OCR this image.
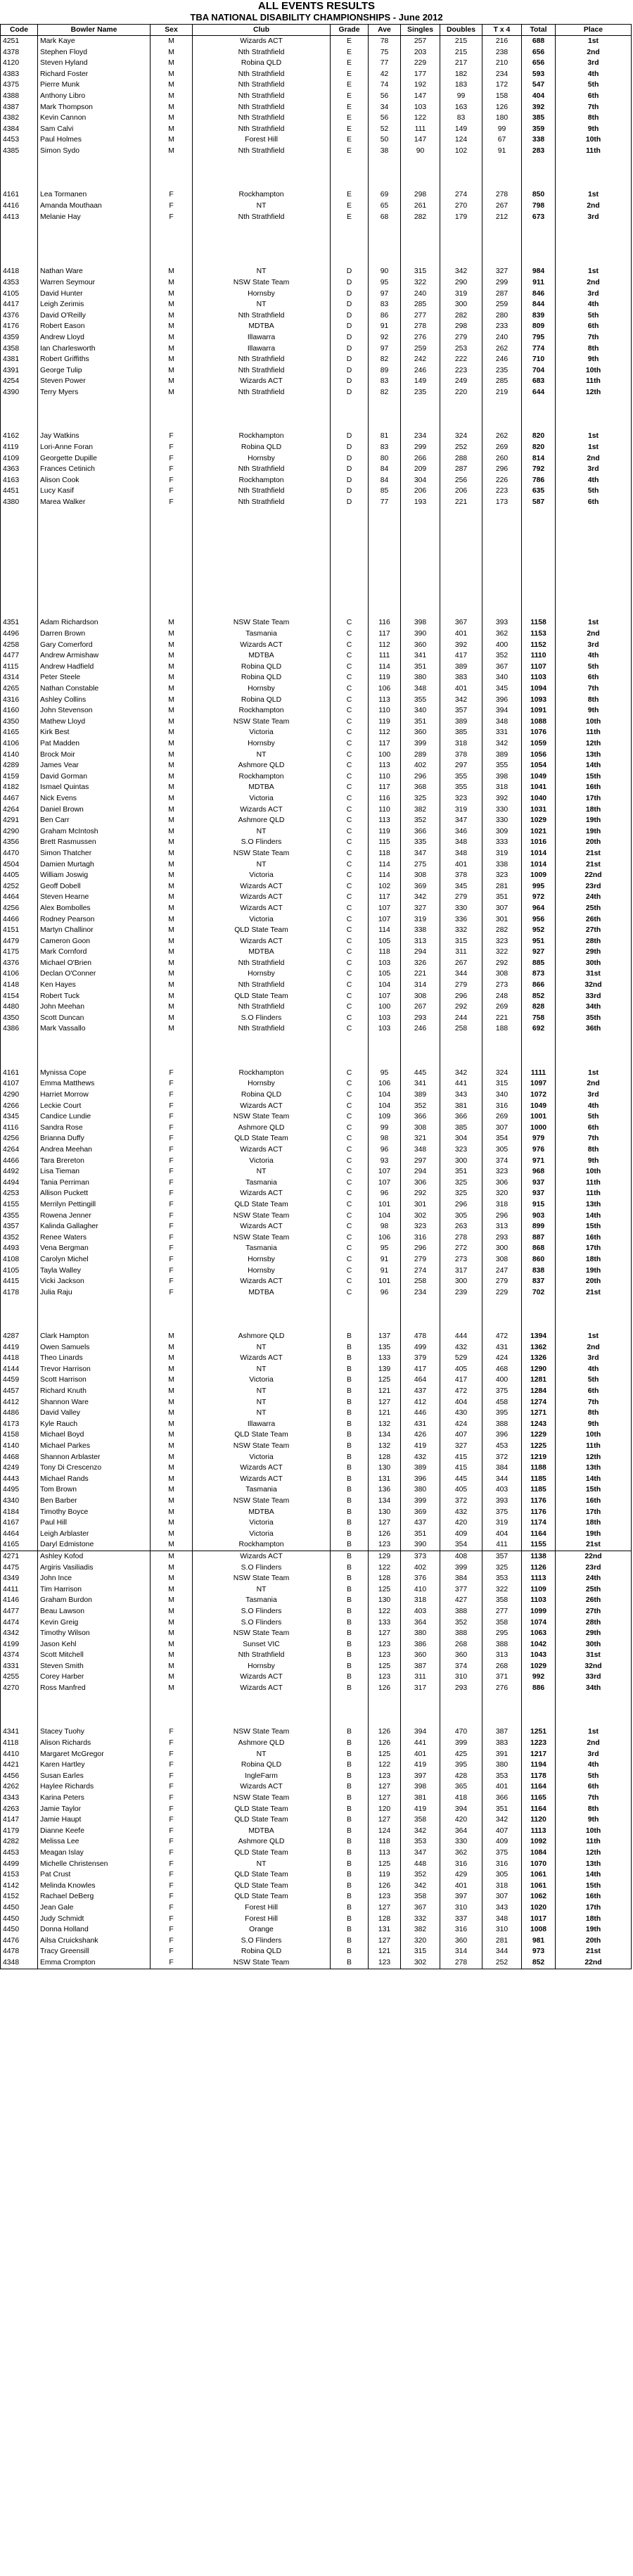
ALL EVENTS RESULTS
TBA NATIONAL DISABILITY CHAMPIONSHIPS - June 2012
Code	Bowler Name	Sex	Club	Grade	Ave	Singles	Doubles	T x 4	Total	Place
4251	Mark Kaye	M	Wizards ACT	E	78	257	215	216	688	1st
4378	Stephen Floyd	M	Nth Strathfield	E	75	203	215	238	656	2nd
4120	Steven Hyland	M	Robina QLD	E	77	229	217	210	656	3rd
4383	Richard Foster	M	Nth Strathfield	E	42	177	182	234	593	4th
4375	Pierre Munk	M	Nth Strathfield	E	74	192	183	172	547	5th
4388	Anthony Libro	M	Nth Strathfield	E	56	147	99	158	404	6th
4387	Mark Thompson	M	Nth Strathfield	E	34	103	163	126	392	7th
4382	Kevin Cannon	M	Nth Strathfield	E	56	122	83	180	385	8th
4384	Sam Calvi	M	Nth Strathfield	E	52	111	149	99	359	9th
4453	Paul Holmes	M	Forest Hill	E	50	147	124	67	338	10th
4385	Simon Sydo	M	Nth Strathfield	E	38	90	102	91	283	11th

4161	Lea Tormanen	F	Rockhampton	E	69	298	274	278	850	1st
4416	Amanda Mouthaan	F	NT	E	65	261	270	267	798	2nd
4413	Melanie Hay	F	Nth Strathfield	E	68	282	179	212	673	3rd

4418	Nathan Ware	M	NT	D	90	315	342	327	984	1st
4353	Warren Seymour	M	NSW State Team	D	95	322	290	299	911	2nd
4105	David Hunter	M	Hornsby	D	97	240	319	287	846	3rd
4417	Leigh Zerimis	M	NT	D	83	285	300	259	844	4th
4376	David O'Reilly	M	Nth Strathfield	D	86	277	282	280	839	5th
4176	Robert Eason	M	MDTBA	D	91	278	298	233	809	6th
4359	Andrew Lloyd	M	Illawarra	D	92	276	279	240	795	7th
4358	Ian Charlesworth	M	Illawarra	D	97	259	253	262	774	8th
4381	Robert Griffiths	M	Nth Strathfield	D	82	242	222	246	710	9th
4391	George Tulip	M	Nth Strathfield	D	89	246	223	235	704	10th
4254	Steven Power	M	Wizards ACT	D	83	149	249	285	683	11th
4390	Terry Myers	M	Nth Strathfield	D	82	235	220	219	644	12th

4162	Jay Watkins	F	Rockhampton	D	81	234	324	262	820	1st
4119	Lori-Anne Foran	F	Robina QLD	D	83	299	252	269	820	1st
4109	Georgette Dupille	F	Hornsby	D	80	266	288	260	814	2nd
4363	Frances Cetinich	F	Nth Strathfield	D	84	209	287	296	792	3rd
4163	Alison Cook	F	Rockhampton	D	84	304	256	226	786	4th
4451	Lucy Kasif	F	Nth Strathfield	D	85	206	206	223	635	5th
4380	Marea Walker	F	Nth Strathfield	D	77	193	221	173	587	6th

4351	Adam Richardson	M	NSW State Team	C	116	398	367	393	1158	1st
4496	Darren Brown	M	Tasmania	C	117	390	401	362	1153	2nd
4258	Gary Comerford	M	Wizards ACT	C	112	360	392	400	1152	3rd
4477	Andrew Armishaw	M	MDTBA	C	111	341	417	352	1110	4th
4115	Andrew Hadfield	M	Robina QLD	C	114	351	389	367	1107	5th
4314	Peter Steele	M	Robina QLD	C	119	380	383	340	1103	6th
4265	Nathan Constable	M	Hornsby	C	106	348	401	345	1094	7th
4316	Ashley Collins	M	Robina QLD	C	113	355	342	396	1093	8th
4160	John Stevenson	M	Rockhampton	C	110	340	357	394	1091	9th
4350	Mathew Lloyd	M	NSW State Team	C	119	351	389	348	1088	10th
4165	Kirk Best	M	Victoria	C	112	360	385	331	1076	11th
4106	Pat Madden	M	Hornsby	C	117	399	318	342	1059	12th
4140	Brock Moir	M	NT	C	100	289	378	389	1056	13th
4289	James Vear	M	Ashmore QLD	C	113	402	297	355	1054	14th
4159	David Gorman	M	Rockhampton	C	110	296	355	398	1049	15th
4182	Ismael Quintas	M	MDTBA	C	117	368	355	318	1041	16th
4467	Nick Evens	M	Victoria	C	116	325	323	392	1040	17th
4264	Daniel Brown	M	Wizards ACT	C	110	382	319	330	1031	18th
4291	Ben Carr	M	Ashmore QLD	C	113	352	347	330	1029	19th
4290	Graham McIntosh	M	NT	C	119	366	346	309	1021	19th
4356	Brett Rasmussen	M	S.O Flinders	C	115	335	348	333	1016	20th
4470	Simon Thatcher	M	NSW State Team	C	118	347	348	319	1014	21st
4504	Damien Murtagh	M	NT	C	114	275	401	338	1014	21st
4405	William Joswig	M	Victoria	C	114	308	378	323	1009	22nd
4252	Geoff Dobell	M	Wizards ACT	C	102	369	345	281	995	23rd
4464	Steven Hearne	M	Wizards ACT	C	117	342	279	351	972	24th
4256	Alex Bombolles	M	Wizards ACT	C	107	327	330	307	964	25th
4466	Rodney Pearson	M	Victoria	C	107	319	336	301	956	26th
4151	Martyn Challinor	M	QLD State Team	C	114	338	332	282	952	27th
4479	Cameron Goon	M	Wizards ACT	C	105	313	315	323	951	28th
4175	Mark Cornford	M	MDTBA	C	118	294	311	322	927	29th
4376	Michael O'Brien	M	Nth Strathfield	C	103	326	267	292	885	30th
4106	Declan O'Conner	M	Hornsby	C	105	221	344	308	873	31st
4148	Ken Hayes	M	Nth Strathfield	C	104	314	279	273	866	32nd
4154	Robert Tuck	M	QLD State Team	C	107	308	296	248	852	33rd
4480	John Meehan	M	Nth Strathfield	C	100	267	292	269	828	34th
4350	Scott Duncan	M	S.O Flinders	C	103	293	244	221	758	35th
4386	Mark Vassallo	M	Nth Strathfield	C	103	246	258	188	692	36th

4161	Mynissa Cope	F	Rockhampton	C	95	445	342	324	1111	1st
4107	Emma Matthews	F	Hornsby	C	106	341	441	315	1097	2nd
4290	Harriet Morrow	F	Robina QLD	C	104	389	343	340	1072	3rd
4266	Leckie Court	F	Wizards ACT	C	104	352	381	316	1049	4th
4345	Candice Lundie	F	NSW State Team	C	109	366	366	269	1001	5th
4116	Sandra Rose	F	Ashmore QLD	C	99	308	385	307	1000	6th
4256	Brianna Duffy	F	QLD State Team	C	98	321	304	354	979	7th
4264	Andrea Meehan	F	Wizards ACT	C	96	348	323	305	976	8th
4466	Tara Brereton	F	Victoria	C	93	297	300	374	971	9th
4492	Lisa Tieman	F	NT	C	107	294	351	323	968	10th
4494	Tania Perriman	F	Tasmania	C	107	306	325	306	937	11th
4253	Allison Puckett	F	Wizards ACT	C	96	292	325	320	937	11th
4155	Merrilyn Pettingill	F	QLD State Team	C	101	301	296	318	915	13th
4355	Rowena Jenner	F	NSW State Team	C	104	302	305	296	903	14th
4357	Kalinda Gallagher	F	Wizards ACT	C	98	323	263	313	899	15th
4352	Renee Waters	F	NSW State Team	C	106	316	278	293	887	16th
4493	Vena Bergman	F	Tasmania	C	95	296	272	300	868	17th
4108	Carolyn Michel	F	Hornsby	C	91	279	273	308	860	18th
4105	Tayla Walley	F	Hornsby	C	91	274	317	247	838	19th
4415	Vicki Jackson	F	Wizards ACT	C	101	258	300	279	837	20th
4178	Julia Raju	F	MDTBA	C	96	234	239	229	702	21st

4287	Clark Hampton	M	Ashmore QLD	B	137	478	444	472	1394	1st
4419	Owen Samuels	M	NT	B	135	499	432	431	1362	2nd
4418	Theo Linards	M	Wizards ACT	B	133	379	529	424	1326	3rd
4144	Trevor Harrison	M	NT	B	139	417	405	468	1290	4th
4459	Scott Harrison	M	Victoria	B	125	464	417	400	1281	5th
4457	Richard Knuth	M	NT	B	121	437	472	375	1284	6th
4412	Shannon Ware	M	NT	B	127	412	404	458	1274	7th
4486	David Valley	M	NT	B	121	446	430	395	1271	8th
4173	Kyle Rauch	M	Illawarra	B	132	431	424	388	1243	9th
4158	Michael Boyd	M	QLD State Team	B	134	426	407	396	1229	10th
4140	Michael Parkes	M	NSW State Team	B	132	419	327	453	1225	11th
4468	Shannon Arblaster	M	Victoria	B	128	432	415	372	1219	12th
4249	Tony Di Crescenzo	M	Wizards ACT	B	130	389	415	384	1188	13th
4443	Michael Rands	M	Wizards ACT	B	131	396	445	344	1185	14th
4495	Tom Brown	M	Tasmania	B	136	380	405	403	1185	15th
4340	Ben Barber	M	NSW State Team	B	134	399	372	393	1176	16th
4184	Timothy Boyce	M	MDTBA	B	130	369	432	375	1176	17th
4167	Paul Hill	M	Victoria	B	127	437	420	319	1174	18th
4464	Leigh Arblaster	M	Victoria	B	126	351	409	404	1164	19th
4165	Daryl Edmistone	M	Rockhampton	B	123	390	354	411	1155	21st
4271	Ashley Kofod	M	Wizards ACT	B	129	373	408	357	1138	22nd
4475	Argiris Vasiliadis	M	S.O Flinders	B	122	402	399	325	1126	23rd
4349	John Ince	M	NSW State Team	B	128	376	384	353	1113	24th
4411	Tim Harrison	M	NT	B	125	410	377	322	1109	25th
4146	Graham Burdon	M	Tasmania	B	130	318	427	358	1103	26th
4477	Beau Lawson	M	S.O Flinders	B	122	403	388	277	1099	27th
4474	Kevin Greig	M	S.O Flinders	B	133	364	352	358	1074	28th
4342	Timothy Wilson	M	NSW State Team	B	127	380	388	295	1063	29th
4199	Jason Kehl	M	Sunset VIC	B	123	386	268	388	1042	30th
4374	Scott Mitchell	M	Nth Strathfield	B	123	360	360	313	1043	31st
4331	Steven Smith	M	Hornsby	B	125	387	374	268	1029	32nd
4255	Corey Harber	M	Wizards ACT	B	123	311	310	371	992	33rd
4270	Ross Manfred	M	Wizards ACT	B	126	317	293	276	886	34th

4341	Stacey Tuohy	F	NSW State Team	B	126	394	470	387	1251	1st
4118	Alison Richards	F	Ashmore QLD	B	126	441	399	383	1223	2nd
4410	Margaret McGregor	F	NT	B	125	401	425	391	1217	3rd
4421	Karen Hartley	F	Robina QLD	B	122	419	395	380	1194	4th
4456	Susan Earles	F	IngleFarm	B	123	397	428	353	1178	5th
4262	Haylee Richards	F	Wizards ACT	B	127	398	365	401	1164	6th
4343	Karina Peters	F	NSW State Team	B	127	381	418	366	1165	7th
4263	Jamie Taylor	F	QLD State Team	B	120	419	394	351	1164	8th
4147	Jamie Haupt	F	QLD State Team	B	127	358	420	342	1120	9th
4179	Dianne Keefe	F	MDTBA	B	124	342	364	407	1113	10th
4282	Melissa Lee	F	Ashmore QLD	B	118	353	330	409	1092	11th
4453	Meagan Islay	F	QLD State Team	B	113	347	362	375	1084	12th
4499	Michelle Christensen	F	NT	B	125	448	316	316	1070	13th
4153	Pat Crust	F	QLD State Team	B	119	352	429	305	1061	14th
4142	Melinda Knowles	F	QLD State Team	B	126	342	401	318	1061	15th
4152	Rachael DeBerg	F	QLD State Team	B	123	358	397	307	1062	16th
4450	Jean Gale	F	Forest Hill	B	127	367	310	343	1020	17th
4450	Judy Schmidt	F	Forest Hill	B	128	332	337	348	1017	18th
4450	Donna Holland	F	Orange	B	131	382	316	310	1008	19th
4476	Ailsa Cruickshank	F	S.O Flinders	B	127	320	360	281	981	20th
4478	Tracy Greensill	F	Robina QLD	B	121	315	314	344	973	21st
4348	Emma Crompton	F	NSW State Team	B	123	302	278	252	852	22nd
